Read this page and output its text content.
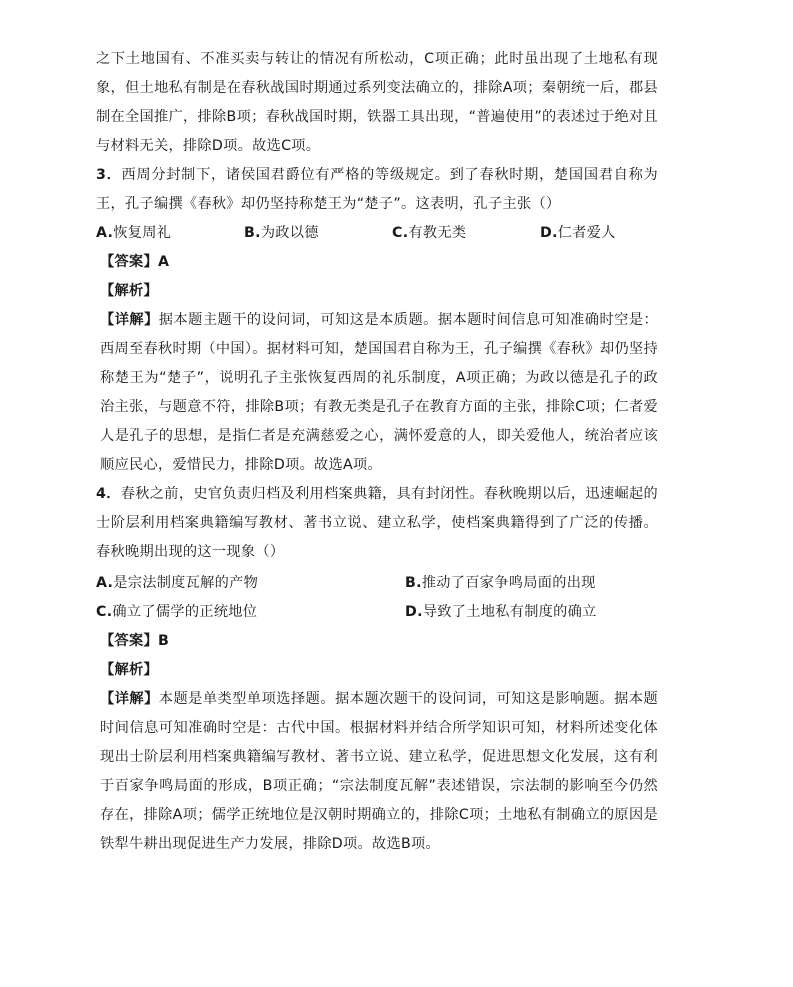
之下土地国有、不准买卖与转让的情况有所松动，C项正确；此时虽出现了土地私有现象，但土地私有制是在春秋战国时期通过系列变法确立的，排除A项；秦朝统一后，郡县制在全国推广，排除B项；春秋战国时期，铁器工具出现，“普遍使用”的表述过于绝对且与材料无关，排除D项。故选C项。

3．西周分封制下，诸侯国君爵位有严格的等级规定。到了春秋时期，楚国国君自称为王，孔子编撰《春秋》却仍坚持称楚王为“楚子”。这表明，孔子主张（）

A.恢复周礼	B.为政以德	C.有教无类	D.仁者爱人

【答案】A

【解析】

【详解】据本题主题干的设问词，可知这是本质题。据本题时间信息可知准确时空是：西周至春秋时期（中国）。据材料可知，楚国国君自称为王，孔子编撰《春秋》却仍坚持称楚王为“楚子”，说明孔子主张恢复西周的礼乐制度，A项正确；为政以德是孔子的政治主张，与题意不符，排除B项；有教无类是孔子在教育方面的主张，排除C项；仁者爱人是孔子的思想，是指仁者是充满慈爱之心，满怀爱意的人，即关爱他人，统治者应该顺应民心，爱惜民力，排除D项。故选A项。

4．春秋之前，史官负责归档及利用档案典籍，具有封闭性。春秋晚期以后，迅速崛起的士阶层利用档案典籍编写教材、著书立说、建立私学，使档案典籍得到了广泛的传播。春秋晚期出现的这一现象（）

A.是宗法制度瓦解的产物	B.推动了百家争鸣局面的出现
C.确立了儒学的正统地位	D.导致了土地私有制度的确立

【答案】B

【解析】

【详解】本题是单类型单项选择题。据本题次题干的设问词，可知这是影响题。据本题时间信息可知准确时空是：古代中国。根据材料并结合所学知识可知，材料所述变化体现出士阶层利用档案典籍编写教材、著书立说、建立私学，促进思想文化发展，这有利于百家争鸣局面的形成，B项正确；“宗法制度瓦解”表述错误，宗法制的影响至今仍然存在，排除A项；儒学正统地位是汉朝时期确立的，排除C项；土地私有制确立的原因是铁犁牛耕出现促进生产力发展，排除D项。故选B项。
